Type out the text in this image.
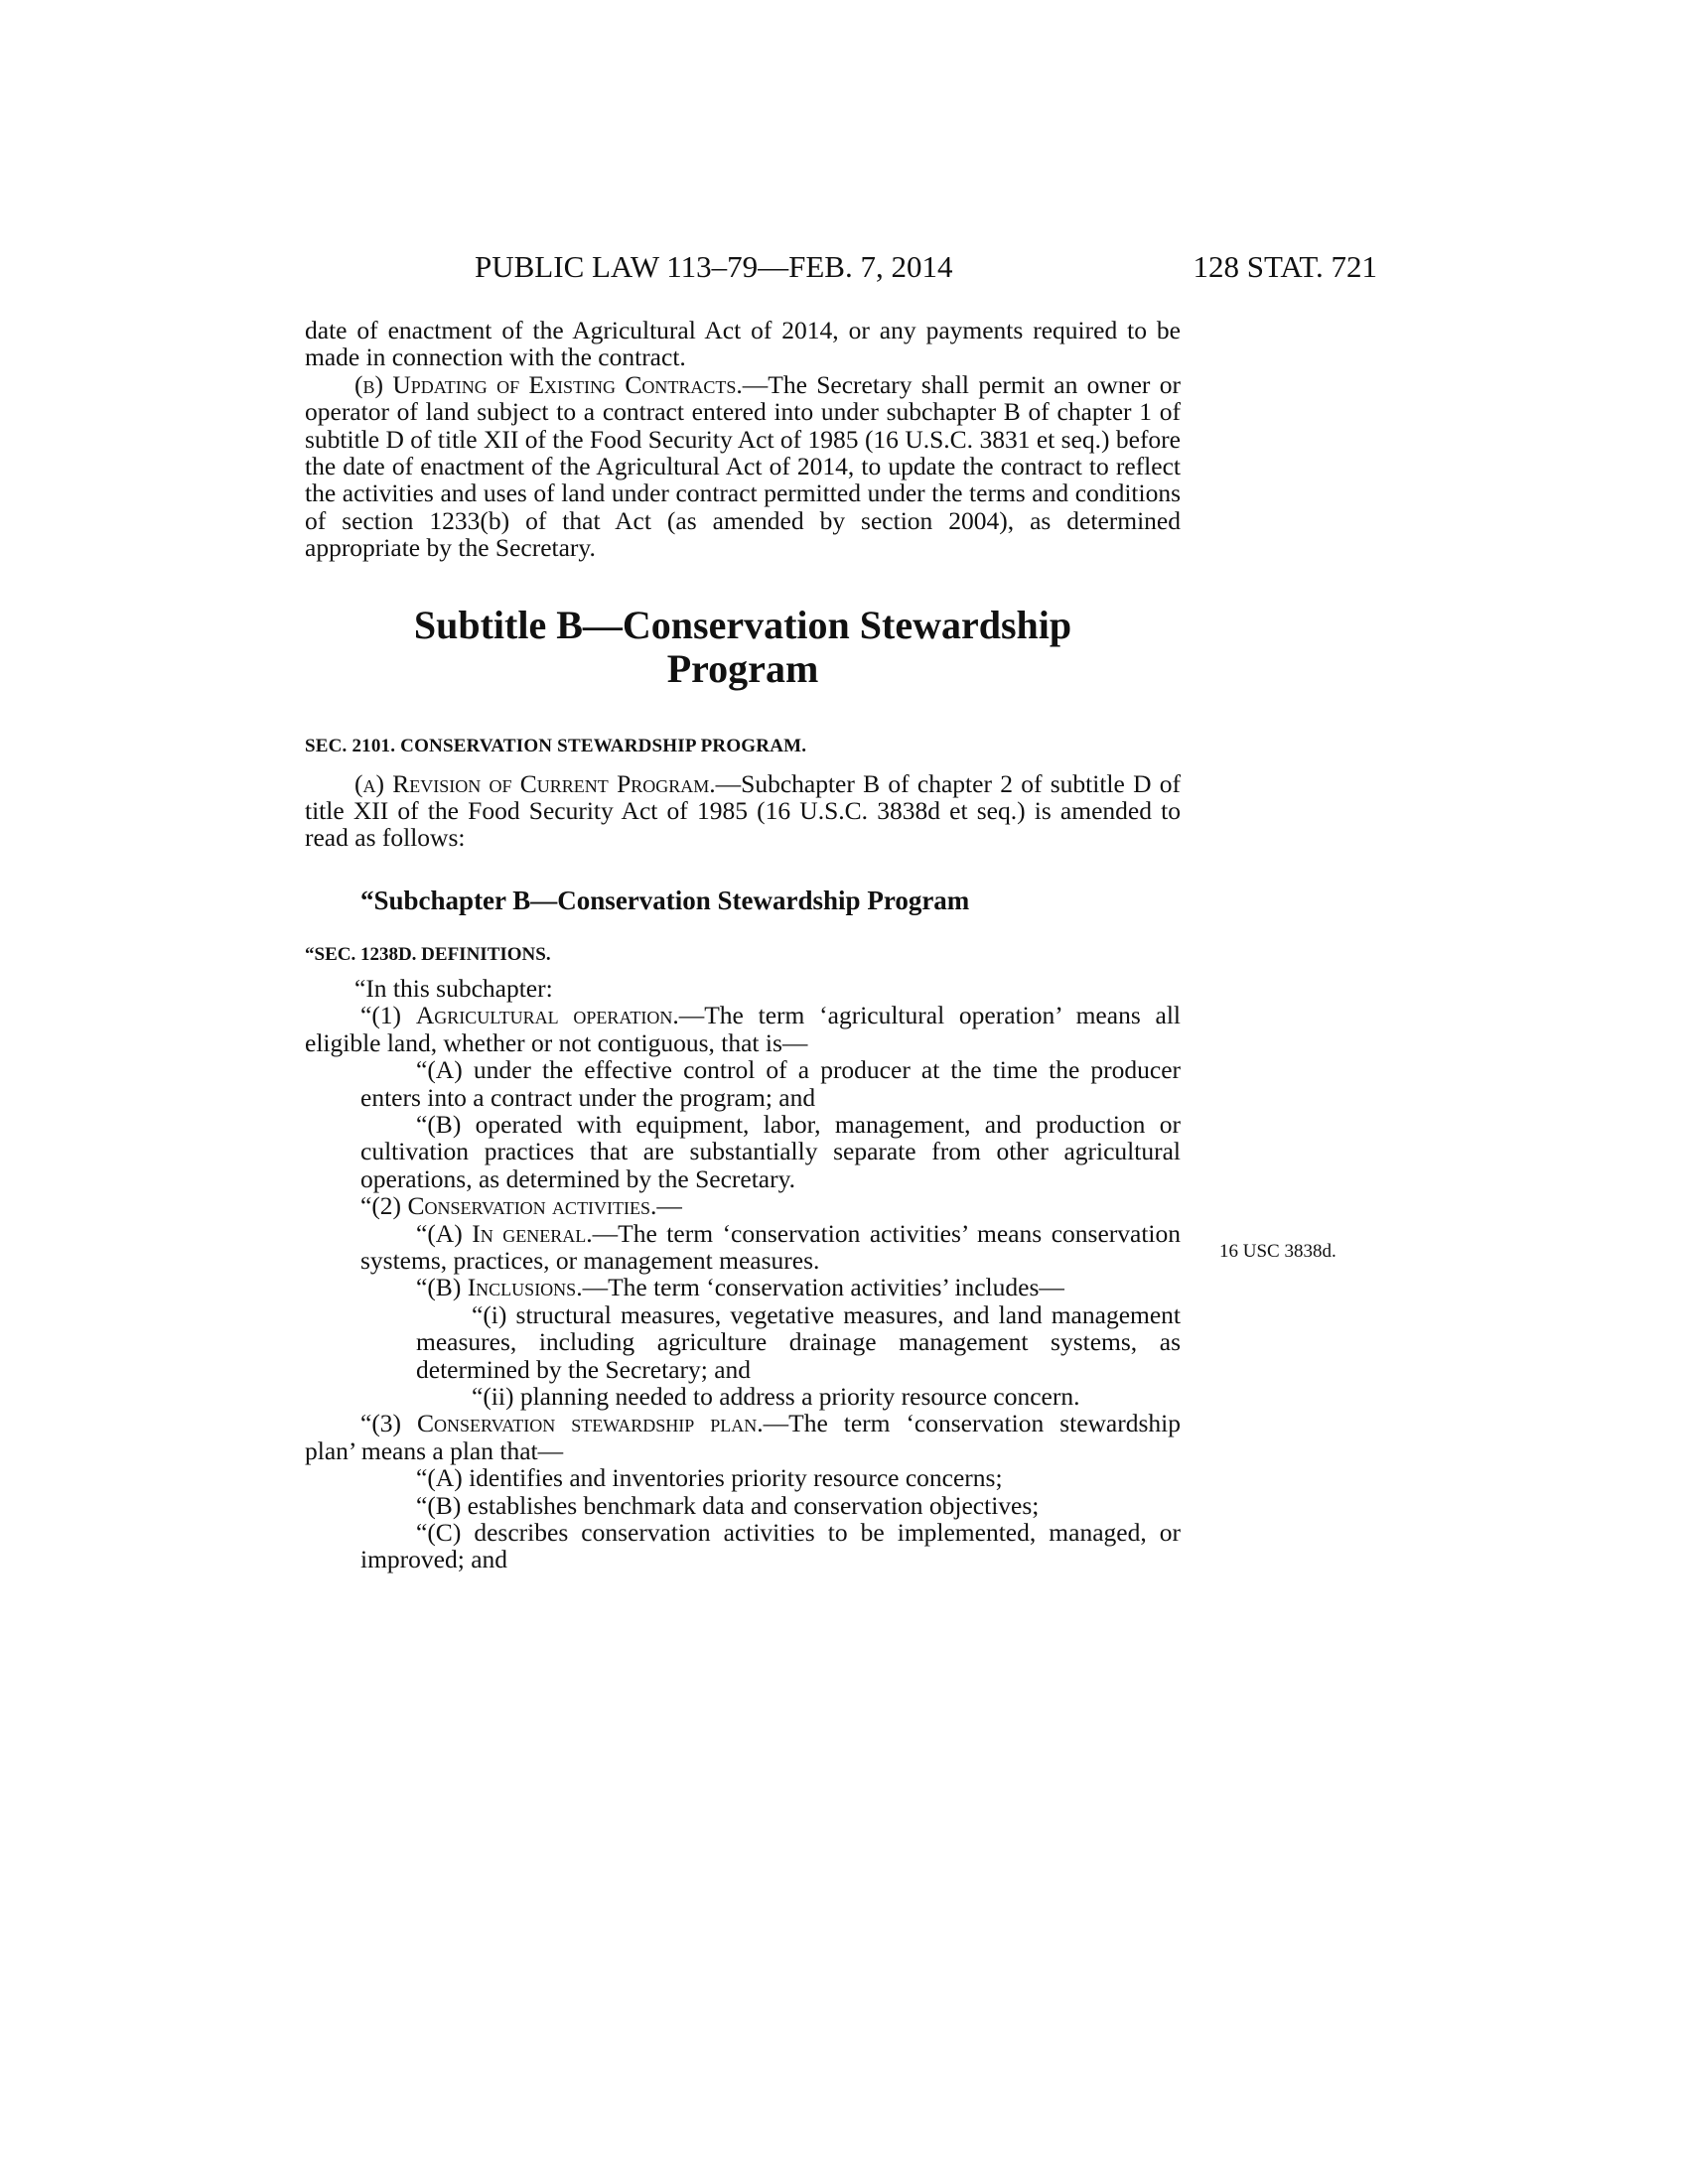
PUBLIC LAW 113–79—FEB. 7, 2014	128 STAT. 721

date of enactment of the Agricultural Act of 2014, or any payments required to be made in connection with the contract.

(b) Updating of Existing Contracts.—The Secretary shall permit an owner or operator of land subject to a contract entered into under subchapter B of chapter 1 of subtitle D of title XII of the Food Security Act of 1985 (16 U.S.C. 3831 et seq.) before the date of enactment of the Agricultural Act of 2014, to update the contract to reflect the activities and uses of land under contract permitted under the terms and conditions of section 1233(b) of that Act (as amended by section 2004), as determined appropriate by the Secretary.

Subtitle B—Conservation Stewardship
Program
SEC. 2101. CONSERVATION STEWARDSHIP PROGRAM.

(a) Revision of Current Program.—Subchapter B of chapter 2 of subtitle D of title XII of the Food Security Act of 1985 (16 U.S.C. 3838d et seq.) is amended to read as follows:

“Subchapter B—Conservation Stewardship Program
“SEC. 1238D. DEFINITIONS.

“In this subchapter:

“(1) Agricultural operation.—The term ‘agricultural operation’ means all eligible land, whether or not contiguous, that is—

“(A) under the effective control of a producer at the time the producer enters into a contract under the program; and

“(B) operated with equipment, labor, management, and production or cultivation practices that are substantially separate from other agricultural operations, as determined by the Secretary.

“(2) Conservation activities.—

“(A) In general.—The term ‘conservation activities’ means conservation systems, practices, or management measures.

“(B) Inclusions.—The term ‘conservation activities’ includes—

“(i) structural measures, vegetative measures, and land management measures, including agriculture drainage management systems, as determined by the Secretary; and

“(ii) planning needed to address a priority resource concern.

“(3) Conservation stewardship plan.—The term ‘conservation stewardship plan’ means a plan that—

“(A) identifies and inventories priority resource concerns;

“(B) establishes benchmark data and conservation objectives;

“(C) describes conservation activities to be implemented, managed, or improved; and

16 USC 3838d.
